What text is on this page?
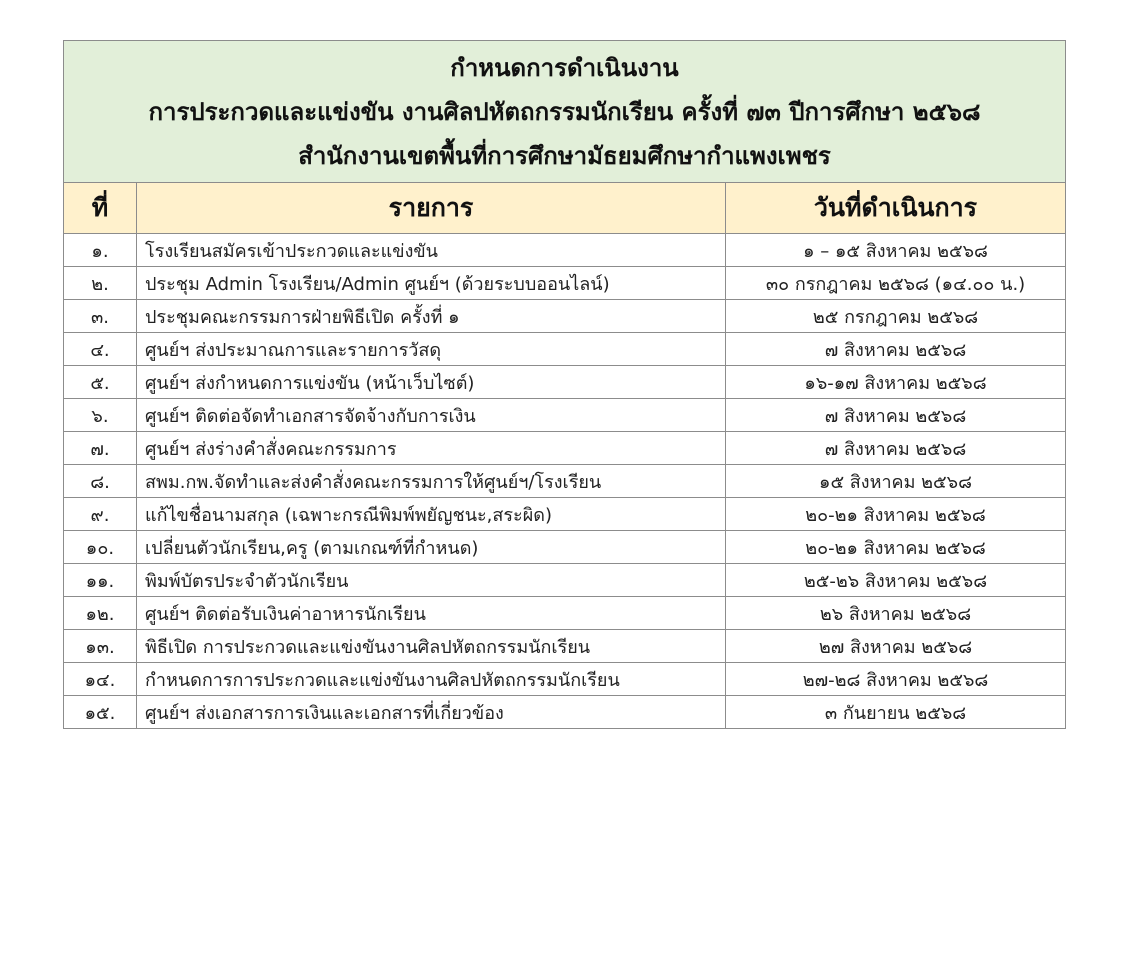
กำหนดการดำเนินงาน
การประกวดและแข่งขัน งานศิลปหัตถกรรมนักเรียน ครั้งที่ ๗๓ ปีการศึกษา ๒๕๖๘
สำนักงานเขตพื้นที่การศึกษามัธยมศึกษากำแพงเพชร		

ที่	รายการ	วันที่ดำเนินการ
๑.	โรงเรียนสมัครเข้าประกวดและแข่งขัน	๑ – ๑๕ สิงหาคม ๒๕๖๘
๒.	ประชุม Admin โรงเรียน/Admin ศูนย์ฯ (ด้วยระบบออนไลน์)	๓๐ กรกฎาคม ๒๕๖๘ (๑๔.๐๐ น.)
๓.	ประชุมคณะกรรมการฝ่ายพิธีเปิด ครั้งที่ ๑	๒๕ กรกฎาคม ๒๕๖๘
๔.	ศูนย์ฯ ส่งประมาณการและรายการวัสดุ	๗ สิงหาคม ๒๕๖๘
๕.	ศูนย์ฯ ส่งกำหนดการแข่งขัน (หน้าเว็บไซต์)	๑๖-๑๗ สิงหาคม ๒๕๖๘
๖.	ศูนย์ฯ ติดต่อจัดทำเอกสารจัดจ้างกับการเงิน	๗ สิงหาคม ๒๕๖๘
๗.	ศูนย์ฯ ส่งร่างคำสั่งคณะกรรมการ	๗ สิงหาคม ๒๕๖๘
๘.	สพม.กพ.จัดทำและส่งคำสั่งคณะกรรมการให้ศูนย์ฯ/โรงเรียน	๑๕ สิงหาคม ๒๕๖๘
๙.	แก้ไขชื่อนามสกุล (เฉพาะกรณีพิมพ์พยัญชนะ,สระผิด)	๒๐-๒๑ สิงหาคม ๒๕๖๘
๑๐.	เปลี่ยนตัวนักเรียน,ครู (ตามเกณฑ์ที่กำหนด)	๒๐-๒๑ สิงหาคม ๒๕๖๘
๑๑.	พิมพ์บัตรประจำตัวนักเรียน	๒๕-๒๖ สิงหาคม ๒๕๖๘
๑๒.	ศูนย์ฯ ติดต่อรับเงินค่าอาหารนักเรียน	๒๖ สิงหาคม ๒๕๖๘
๑๓.	พิธีเปิด การประกวดและแข่งขันงานศิลปหัตถกรรมนักเรียน	๒๗ สิงหาคม ๒๕๖๘
๑๔.	กำหนดการการประกวดและแข่งขันงานศิลปหัตถกรรมนักเรียน	๒๗-๒๘ สิงหาคม ๒๕๖๘
๑๕.	ศูนย์ฯ ส่งเอกสารการเงินและเอกสารที่เกี่ยวข้อง	๓ กันยายน ๒๕๖๘
